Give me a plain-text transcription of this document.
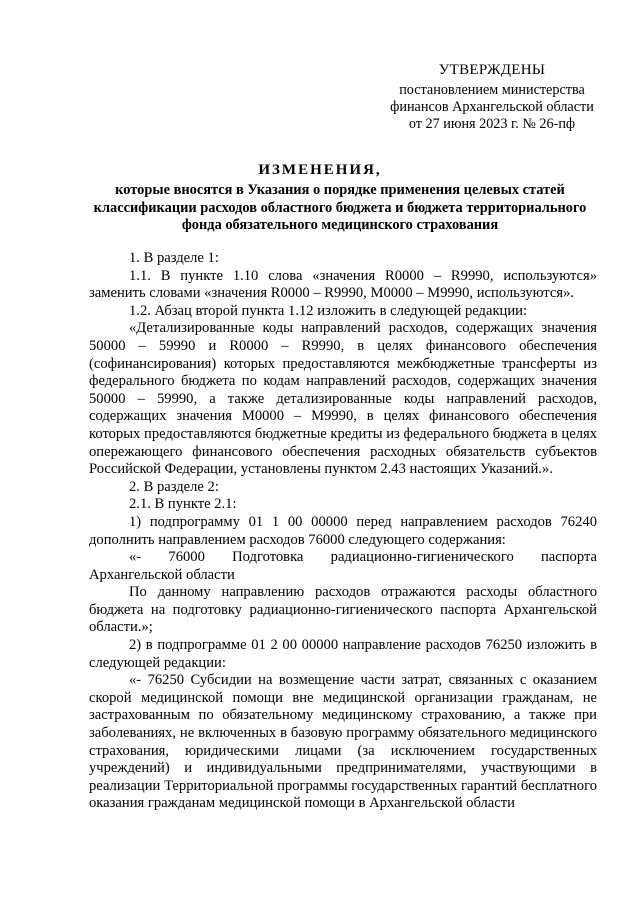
УТВЕРЖДЕНЫ
постановлением министерства
финансов Архангельской области
от 27 июня 2023 г. № 26-пф
ИЗМЕНЕНИЯ,
которые вносятся в Указания о порядке применения целевых статей классификации расходов областного бюджета и бюджета территориального фонда обязательного медицинского страхования

1. В разделе 1:

1.1. В пункте 1.10 слова «значения R0000 – R9990, используются» заменить словами «значения R0000 – R9990, M0000 – M9990, используются».

1.2. Абзац второй пункта 1.12 изложить в следующей редакции:

«Детализированные коды направлений расходов, содержащих значения 50000 – 59990 и R0000 – R9990, в целях финансового обеспечения (софинансирования) которых предоставляются межбюджетные трансферты из федерального бюджета по кодам направлений расходов, содержащих значения 50000 – 59990, а также детализированные коды направлений расходов, содержащих значения M0000 – M9990, в целях финансового обеспечения которых предоставляются бюджетные кредиты из федерального бюджета в целях опережающего финансового обеспечения расходных обязательств субъектов Российской Федерации, установлены пунктом 2.43 настоящих Указаний.».

2. В разделе 2:

2.1. В пункте 2.1:

1) подпрограмму 01 1 00 00000 перед направлением расходов 76240 дополнить направлением расходов 76000 следующего содержания:

«- 76000 Подготовка радиационно-гигиенического паспорта Архангельской области

По данному направлению расходов отражаются расходы областного бюджета на подготовку радиационно-гигиенического паспорта Архангельской области.»;

2) в подпрограмме 01 2 00 00000 направление расходов 76250 изложить в следующей редакции:

«- 76250 Субсидии на возмещение части затрат, связанных с оказанием скорой медицинской помощи вне медицинской организации гражданам, не застрахованным по обязательному медицинскому страхованию, а также при заболеваниях, не включенных в базовую программу обязательного медицинского страхования, юридическими лицами (за исключением государственных учреждений) и индивидуальными предпринимателями, участвующими в реализации Территориальной программы государственных гарантий бесплатного оказания гражданам медицинской помощи в Архангельской области
